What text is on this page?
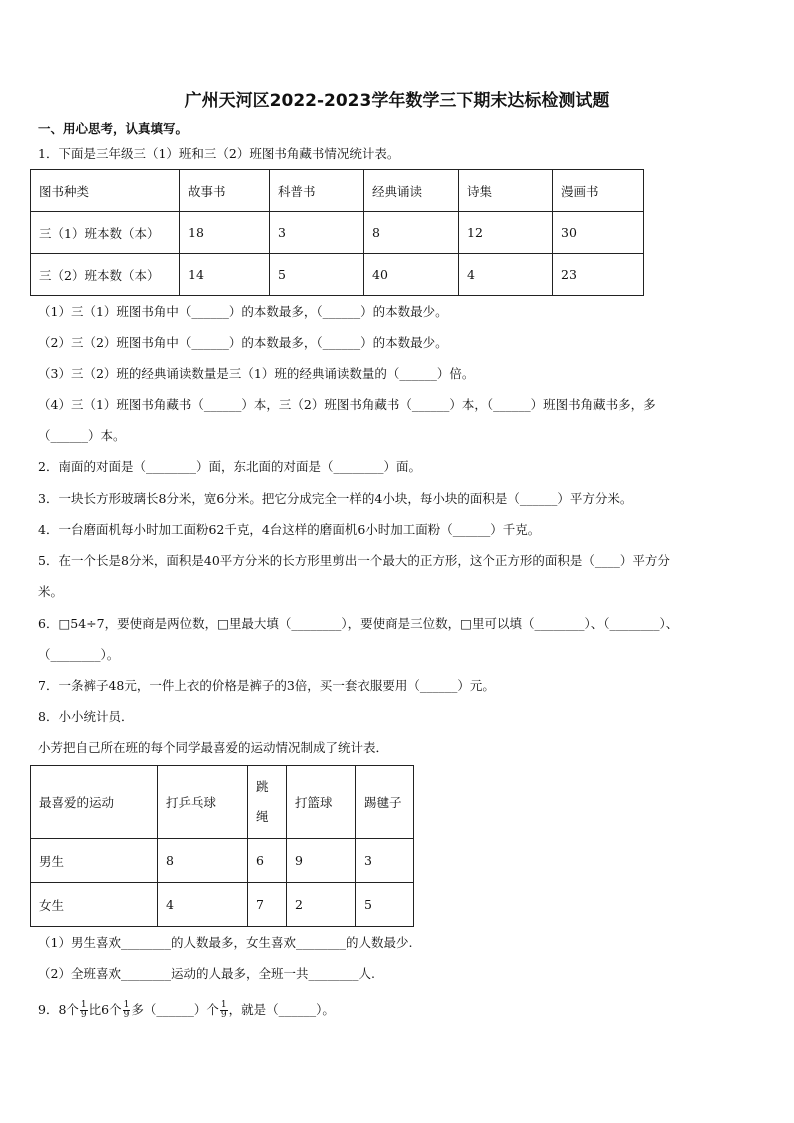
广州天河区2022-2023学年数学三下期末达标检测试题
一、用心思考，认真填写。
1．下面是三年级三（1）班和三（2）班图书角藏书情况统计表。
图书种类	故事书	科普书	经典诵读	诗集	漫画书
三（1）班本数（本）	18	3	8	12	30
三（2）班本数（本）	14	5	40	4	23
（1）三（1）班图书角中（______）的本数最多，（______）的本数最少。
（2）三（2）班图书角中（______）的本数最多，（______）的本数最少。
（3）三（2）班的经典诵读数量是三（1）班的经典诵读数量的（______）倍。
（4）三（1）班图书角藏书（______）本，三（2）班图书角藏书（______）本，（______）班图书角藏书多，多
（______）本。
2．南面的对面是（________）面，东北面的对面是（________）面。
3．一块长方形玻璃长8分米，宽6分米。把它分成完全一样的4小块，每小块的面积是（______）平方分米。
4．一台磨面机每小时加工面粉62千克，4台这样的磨面机6小时加工面粉（______）千克。
5．在一个长是8分米，面积是40平方分米的长方形里剪出一个最大的正方形，这个正方形的面积是（____）平方分
米。
6．□54÷7，要使商是两位数，□里最大填（________），要使商是三位数，□里可以填（________）、（________）、
（________）。
7．一条裤子48元，一件上衣的价格是裤子的3倍，买一套衣服要用（______）元。
8．小小统计员．
小芳把自己所在班的每个同学最喜爱的运动情况制成了统计表．
最喜爱的运动	打乒乓球	跳绳	打篮球	踢毽子
男生	8	6	9	3
女生	4	7	2	5
（1）男生喜欢________的人数最多，女生喜欢________的人数最少.
（2）全班喜欢________运动的人最多，全班一共________人.
9．8个 $\frac{1}{9}$ 比6个 $\frac{1}{9}$ 多（______）个 $\frac{1}{9}$ ，就是（______）。
